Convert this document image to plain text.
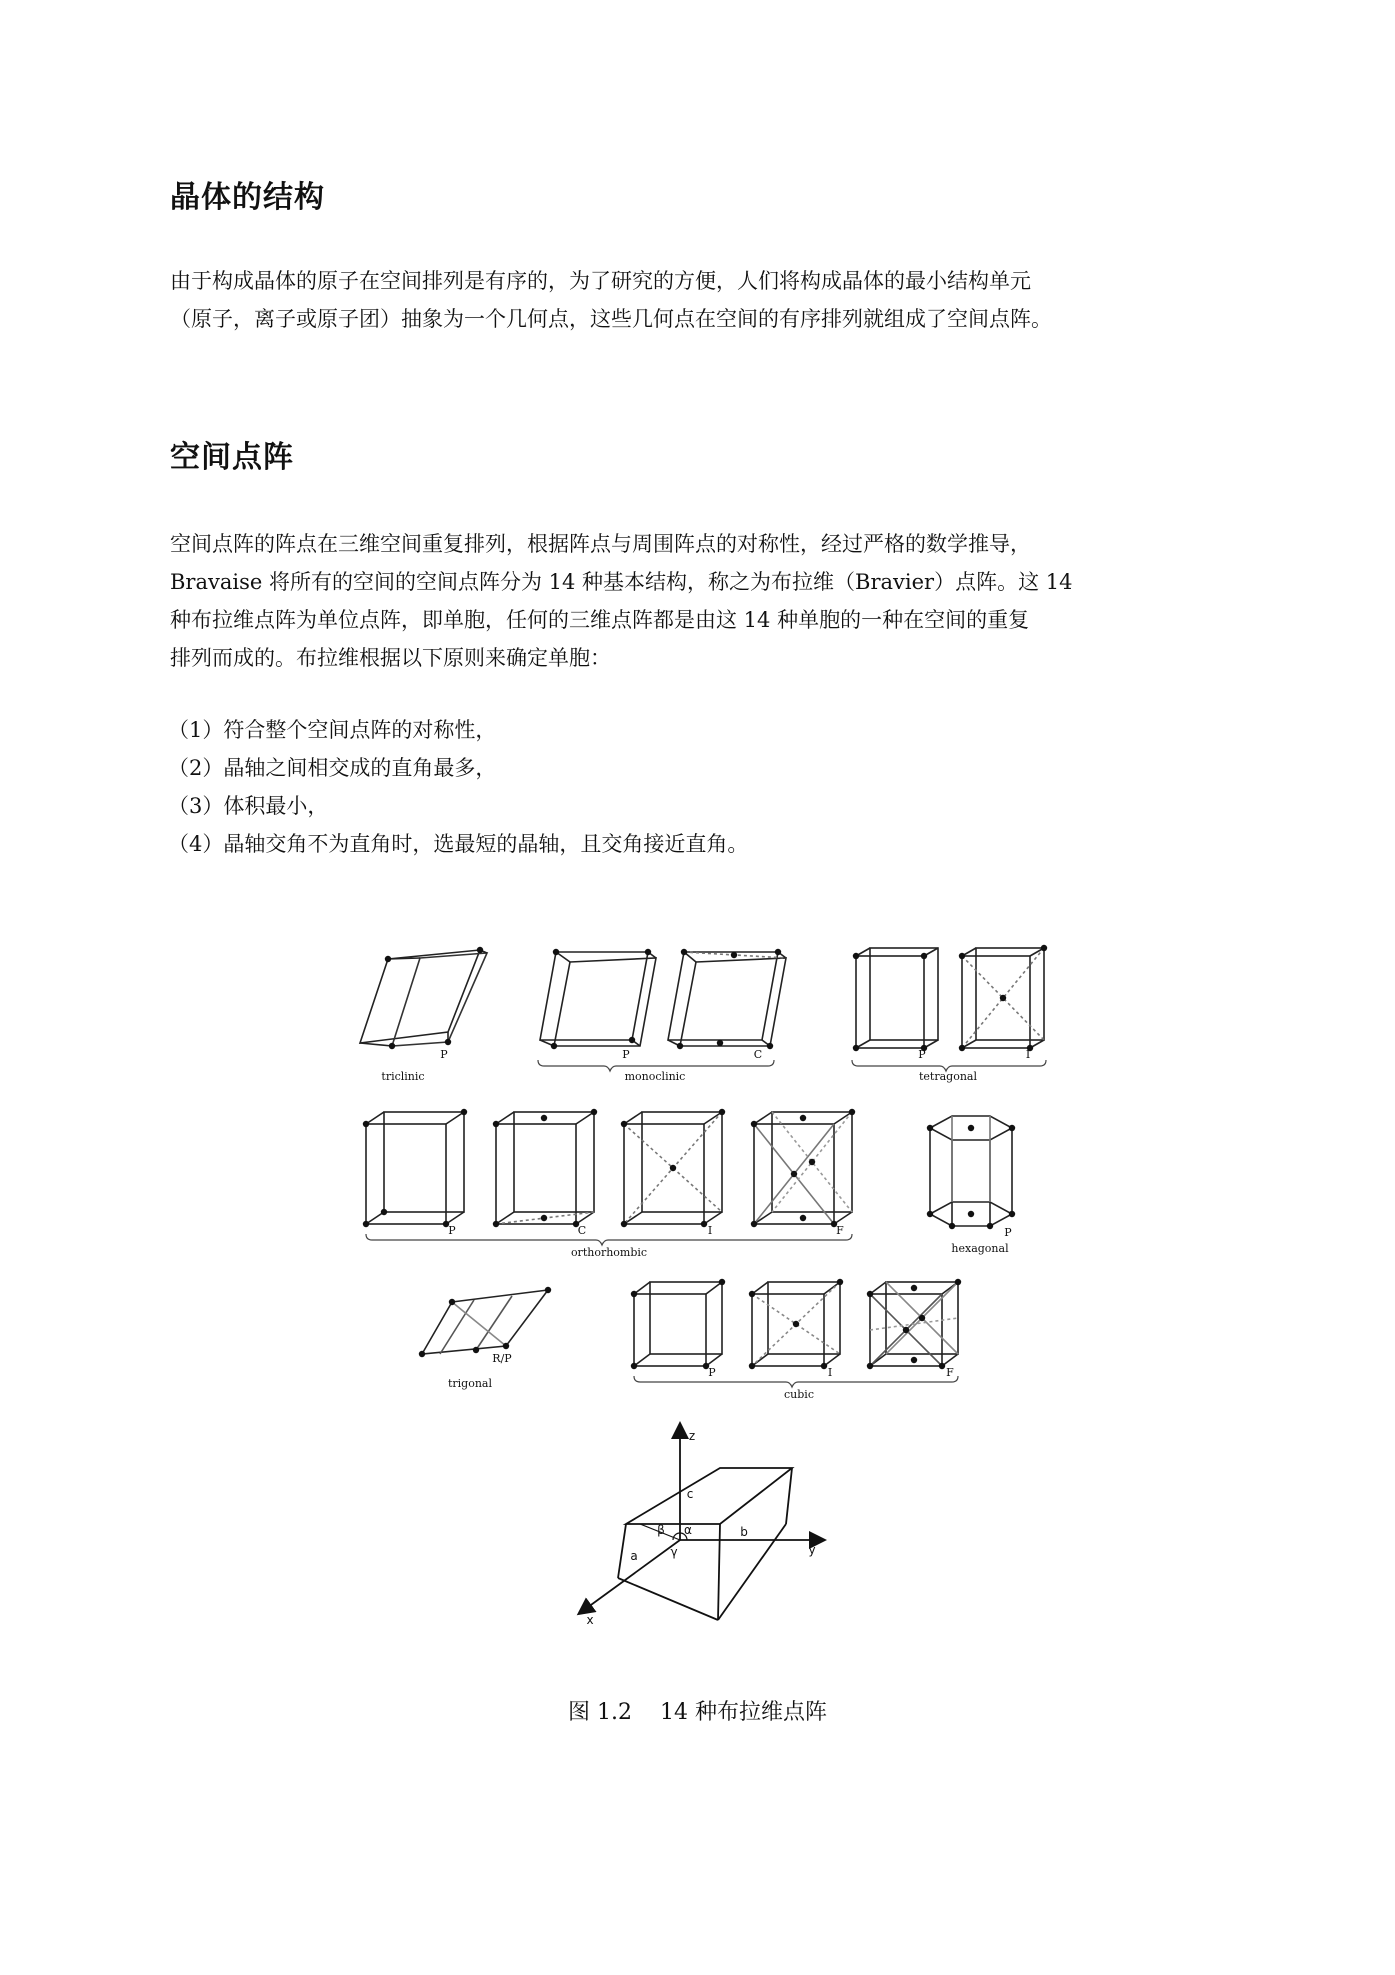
晶体的结构
由于构成晶体的原子在空间排列是有序的，为了研究的方便，人们将构成晶体的最小结构单元
（原子，离子或原子团）抽象为一个几何点，这些几何点在空间的有序排列就组成了空间点阵。
空间点阵
空间点阵的阵点在三维空间重复排列，根据阵点与周围阵点的对称性，经过严格的数学推导，
Bravaise 将所有的空间的空间点阵分为 14 种基本结构，称之为布拉维（Bravier）点阵。这 14
种布拉维点阵为单位点阵，即单胞，任何的三维点阵都是由这 14 种单胞的一种在空间的重复
排列而成的。布拉维根据以下原则来确定单胞：
（1）符合整个空间点阵的对称性，
（2）晶轴之间相交成的直角最多，
（3）体积最小，
（4）晶轴交角不为直角时，选最短的晶轴，且交角接近直角。
triclinic	monoclinic	tetragonal
orthorhombic	hexagonal
trigonal
cubic
P	P	C	P	I
P	C	I	F	P
R/P
P	I	F
z
y
x
c
b
a
β α
γ
图 1.2 14 种布拉维点阵
